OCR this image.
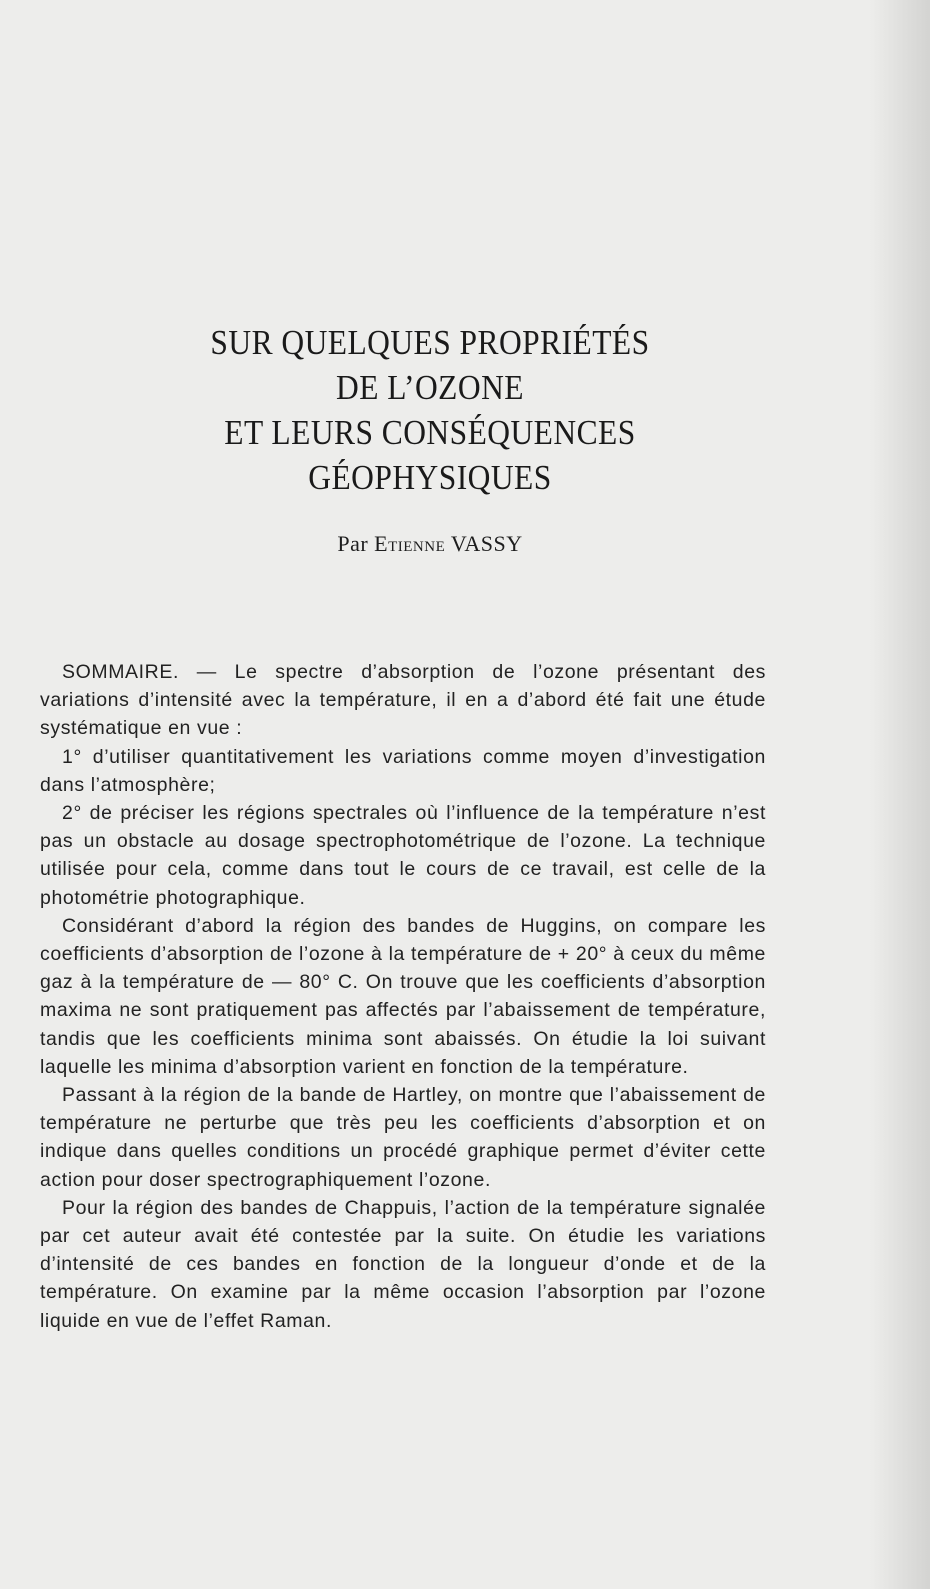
SUR QUELQUES PROPRIÉTÉS
DE L’OZONE
ET LEURS CONSÉQUENCES
GÉOPHYSIQUES
Par Etienne VASSY

SOMMAIRE. — Le spectre d’absorption de l’ozone présentant des variations d’intensité avec la température, il en a d’abord été fait une étude systématique en vue :

1° d’utiliser quantitativement les variations comme moyen d’investigation dans l’atmosphère;

2° de préciser les régions spectrales où l’influence de la température n’est pas un obstacle au dosage spectrophotométrique de l’ozone. La technique utilisée pour cela, comme dans tout le cours de ce travail, est celle de la photométrie photographique.

Considérant d’abord la région des bandes de Huggins, on compare les coefficients d’absorption de l’ozone à la température de + 20° à ceux du même gaz à la température de — 80° C. On trouve que les coefficients d’absorption maxima ne sont pratiquement pas affectés par l’abaissement de température, tandis que les coefficients minima sont abaissés. On étudie la loi suivant laquelle les minima d’absorption varient en fonction de la température.

Passant à la région de la bande de Hartley, on montre que l’abaissement de température ne perturbe que très peu les coefficients d’absorption et on indique dans quelles conditions un procédé graphique permet d’éviter cette action pour doser spectrographiquement l’ozone.

Pour la région des bandes de Chappuis, l’action de la température signalée par cet auteur avait été contestée par la suite. On étudie les variations d’intensité de ces bandes en fonction de la longueur d’onde et de la température. On examine par la même occasion l’absorption par l’ozone liquide en vue de l’effet Raman.
